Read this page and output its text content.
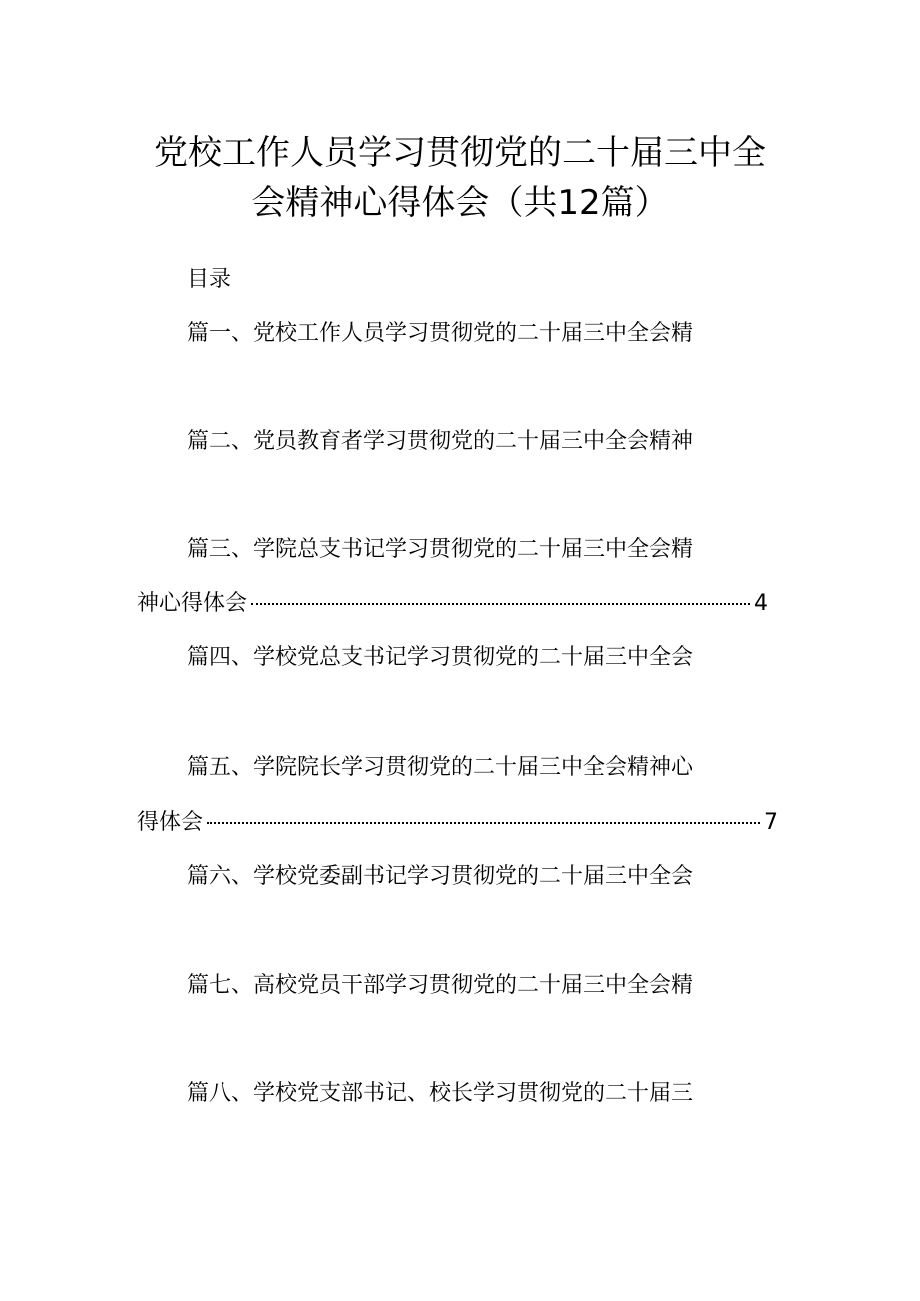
党校工作人员学习贯彻党的二十届三中全
会精神心得体会（共12篇）
目录
篇一、党校工作人员学习贯彻党的二十届三中全会精
篇二、党员教育者学习贯彻党的二十届三中全会精神
篇三、学院总支书记学习贯彻党的二十届三中全会精
神心得体会	4
篇四、学校党总支书记学习贯彻党的二十届三中全会
篇五、学院院长学习贯彻党的二十届三中全会精神心
得体会	7
篇六、学校党委副书记学习贯彻党的二十届三中全会
篇七、高校党员干部学习贯彻党的二十届三中全会精
篇八、学校党支部书记、校长学习贯彻党的二十届三
